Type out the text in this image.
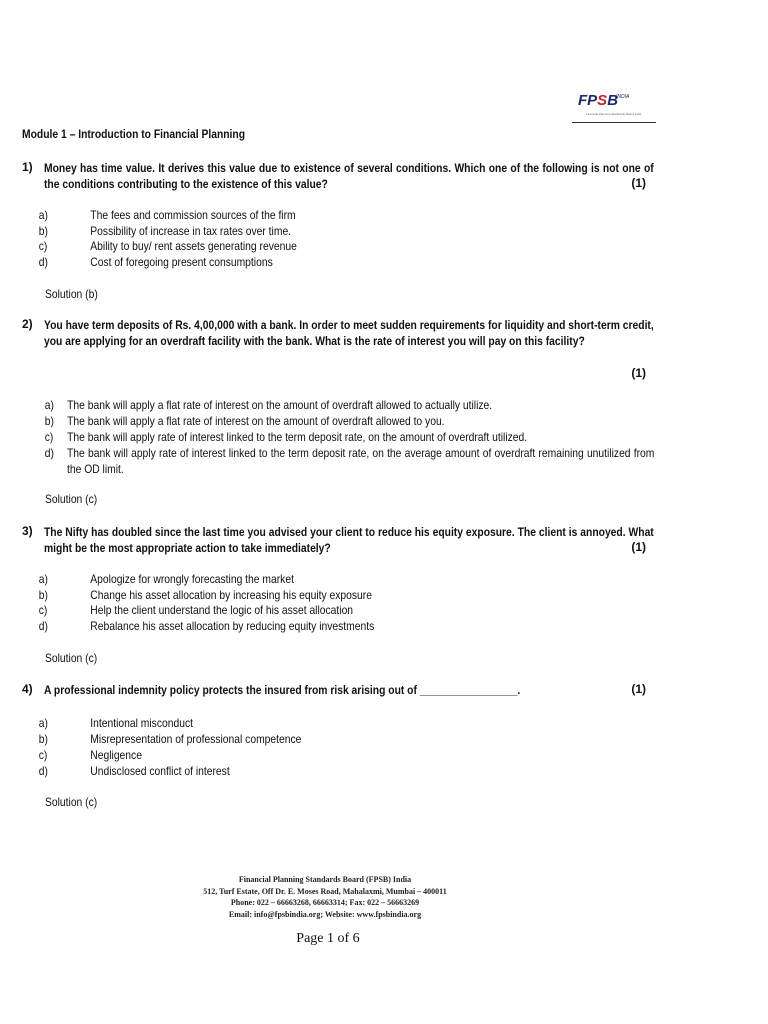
FPSB
INDIA
Financial Planning Standards Board India
Module 1 – Introduction to Financial Planning
1) Money has time value. It derives this value due to existence of several conditions. Which one of the following is not one of the conditions contributing to the existence of this value?	(1)
a)	The fees and commission sources of the firm
b)	Possibility of increase in tax rates over time.
c)	Ability to buy/ rent assets generating revenue
d)	Cost of foregoing present consumptions
Solution (b)
2) You have term deposits of Rs. 4,00,000 with a bank. In order to meet sudden requirements for liquidity and short-term credit, you are applying for an overdraft facility with the bank. What is the rate of interest you will pay on this facility?
(1)
a) The bank will apply a flat rate of interest on the amount of overdraft allowed to actually utilize.
b) The bank will apply a flat rate of interest on the amount of overdraft allowed to you.
c) The bank will apply rate of interest linked to the term deposit rate, on the amount of overdraft utilized.
d) The bank will apply rate of interest linked to the term deposit rate, on the average amount of overdraft remaining unutilized from the OD limit.
Solution (c)
3) The Nifty has doubled since the last time you advised your client to reduce his equity exposure. The client is annoyed. What might be the most appropriate action to take immediately?	(1)
a)	Apologize for wrongly forecasting the market
b)	Change his asset allocation by increasing his equity exposure
c)	Help the client understand the logic of his asset allocation
d)	Rebalance his asset allocation by reducing equity investments
Solution (c)
4) A professional indemnity policy protects the insured from risk arising out of _________________.	(1)
a)	Intentional misconduct
b)	Misrepresentation of professional competence
c)	Negligence
d)	Undisclosed conflict of interest
Solution (c)
Financial Planning Standards Board (FPSB) India
512, Turf Estate, Off Dr. E. Moses Road, Mahalaxmi, Mumbai – 400011
Phone: 022 – 66663268, 66663314; Fax: 022 – 56663269
Email: info@fpsbindia.org; Website: www.fpsbindia.org
Page 1 of 6
